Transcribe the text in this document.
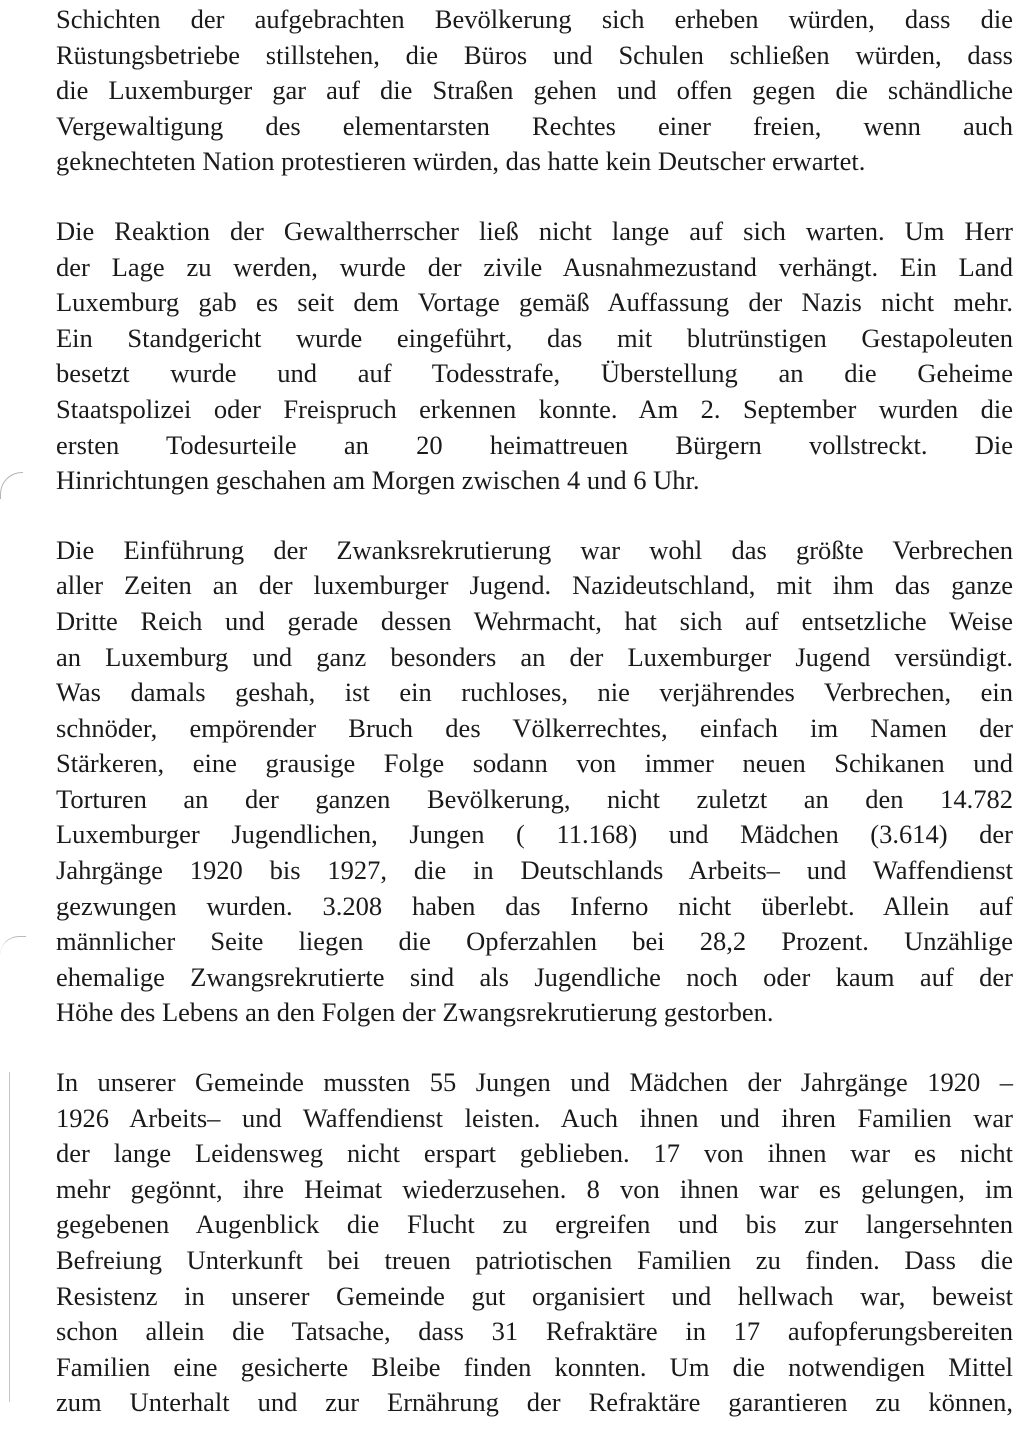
Schichten der aufgebrachten Bevölkerung sich erheben würden, dass die
Rüstungsbetriebe stillstehen, die Büros und Schulen schließen würden, dass
die Luxemburger gar auf die Straßen gehen und offen gegen die schändliche
Vergewaltigung des elementarsten Rechtes einer freien, wenn auch
geknechteten Nation protestieren würden, das hatte kein Deutscher erwartet.
Die Reaktion der Gewaltherrscher ließ nicht lange auf sich warten. Um Herr
der Lage zu werden, wurde der zivile Ausnahmezustand verhängt. Ein Land
Luxemburg gab es seit dem Vortage gemäß Auffassung der Nazis nicht mehr.
Ein Standgericht wurde eingeführt, das mit blutrünstigen Gestapoleuten
besetzt wurde und auf Todesstrafe, Überstellung an die Geheime
Staatspolizei oder Freispruch erkennen konnte. Am 2. September wurden die
ersten Todesurteile an 20 heimattreuen Bürgern vollstreckt. Die
Hinrichtungen geschahen am Morgen zwischen 4 und 6 Uhr.
Die Einführung der Zwanksrekrutierung war wohl das größte Verbrechen
aller Zeiten an der luxemburger Jugend. Nazideutschland, mit ihm das ganze
Dritte Reich und gerade dessen Wehrmacht, hat sich auf entsetzliche Weise
an Luxemburg und ganz besonders an der Luxemburger Jugend versündigt.
Was damals geshah, ist ein ruchloses, nie verjährendes Verbrechen, ein
schnöder, empörender Bruch des Völkerrechtes, einfach im Namen der
Stärkeren, eine grausige Folge sodann von immer neuen Schikanen und
Torturen an der ganzen Bevölkerung, nicht zuletzt an den 14.782
Luxemburger Jugendlichen, Jungen ( 11.168) und Mädchen (3.614) der
Jahrgänge 1920 bis 1927, die in Deutschlands Arbeits– und Waffendienst
gezwungen wurden. 3.208 haben das Inferno nicht überlebt. Allein auf
männlicher Seite liegen die Opferzahlen bei 28,2 Prozent. Unzählige
ehemalige Zwangsrekrutierte sind als Jugendliche noch oder kaum auf der
Höhe des Lebens an den Folgen der Zwangsrekrutierung gestorben.
In unserer Gemeinde mussten 55 Jungen und Mädchen der Jahrgänge 1920 –
1926 Arbeits– und Waffendienst leisten. Auch ihnen und ihren Familien war
der lange Leidensweg nicht erspart geblieben. 17 von ihnen war es nicht
mehr gegönnt, ihre Heimat wiederzusehen. 8 von ihnen war es gelungen, im
gegebenen Augenblick die Flucht zu ergreifen und bis zur langersehnten
Befreiung Unterkunft bei treuen patriotischen Familien zu finden. Dass die
Resistenz in unserer Gemeinde gut organisiert und hellwach war, beweist
schon allein die Tatsache, dass 31 Refraktäre in 17 aufopferungsbereiten
Familien eine gesicherte Bleibe finden konnten. Um die notwendigen Mittel
zum Unterhalt und zur Ernährung der Refraktäre garantieren zu können,
